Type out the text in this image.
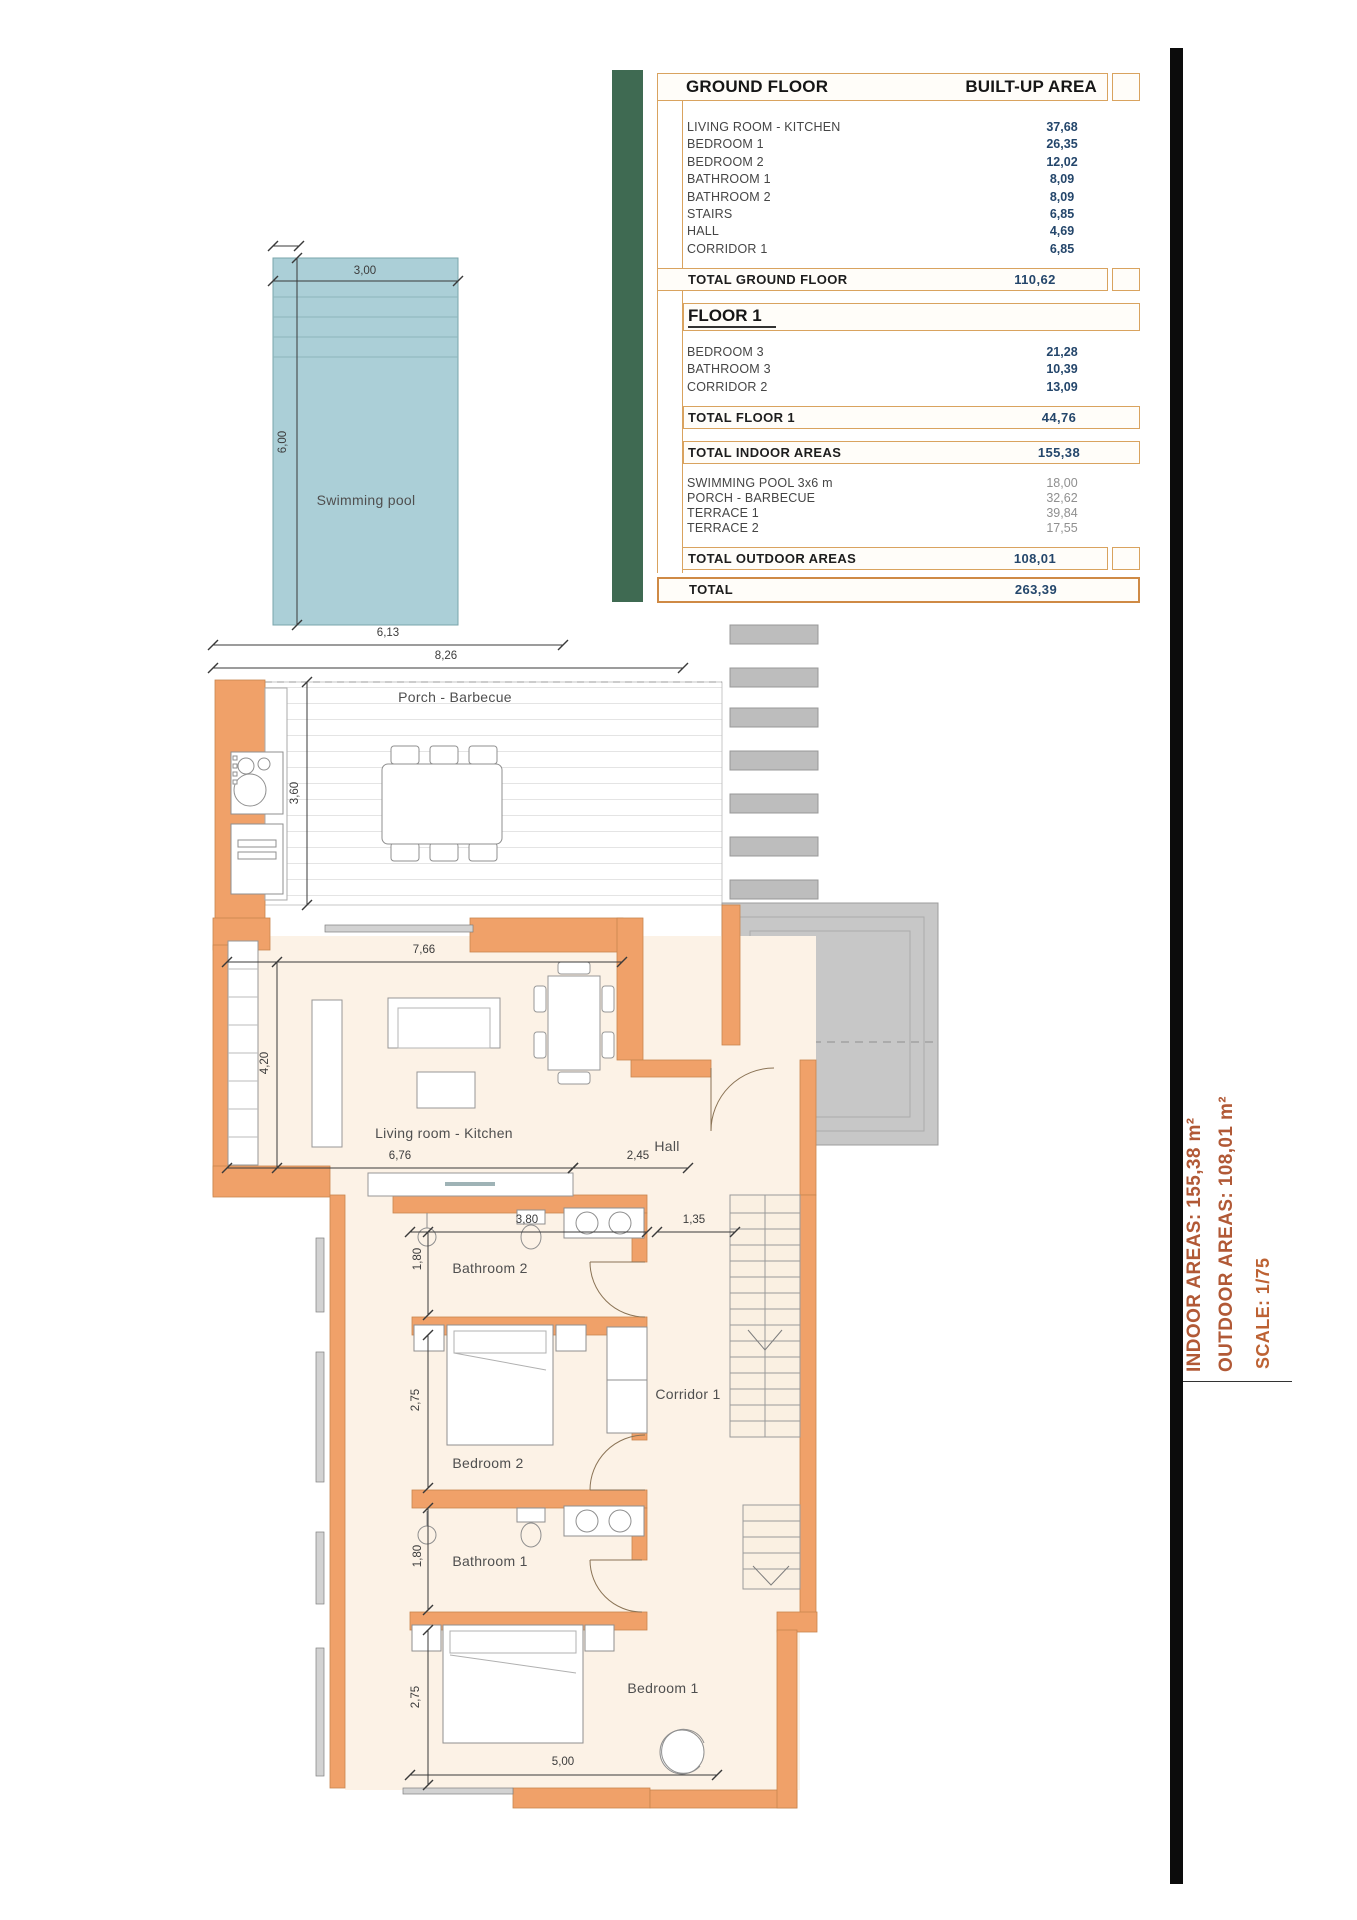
Swimming pool
Porch - Barbecue
Living room - Kitchen
Hall
Bathroom 2
Corridor 1
Bedroom 2
Bathroom 1
Bedroom 1
3,00
6,00
6,13
8,26
3,60
7,66
4,20
6,76	2,45
3,80	1,35
1,80
2,75
1,80
2,75
5,00
GROUND FLOOR	BUILT-UP AREA
LIVING ROOM - KITCHEN	37,68
BEDROOM 1	26,35
BEDROOM 2	12,02
BATHROOM 1	8,09
BATHROOM 2	8,09
STAIRS	6,85
HALL	4,69
CORRIDOR 1	6,85
TOTAL GROUND FLOOR	110,62
FLOOR 1
BEDROOM 3	21,28
BATHROOM 3	10,39
CORRIDOR 2	13,09
TOTAL FLOOR 1	44,76
TOTAL INDOOR AREAS	155,38
SWIMMING POOL 3x6 m	18,00
PORCH - BARBECUE	32,62
TERRACE 1	39,84
TERRACE 2	17,55
TOTAL OUTDOOR AREAS	108,01
TOTAL	263,39
INDOOR AREAS: 155,38 m² OUTDOOR AREAS: 108,01 m² SCALE: 1/75
